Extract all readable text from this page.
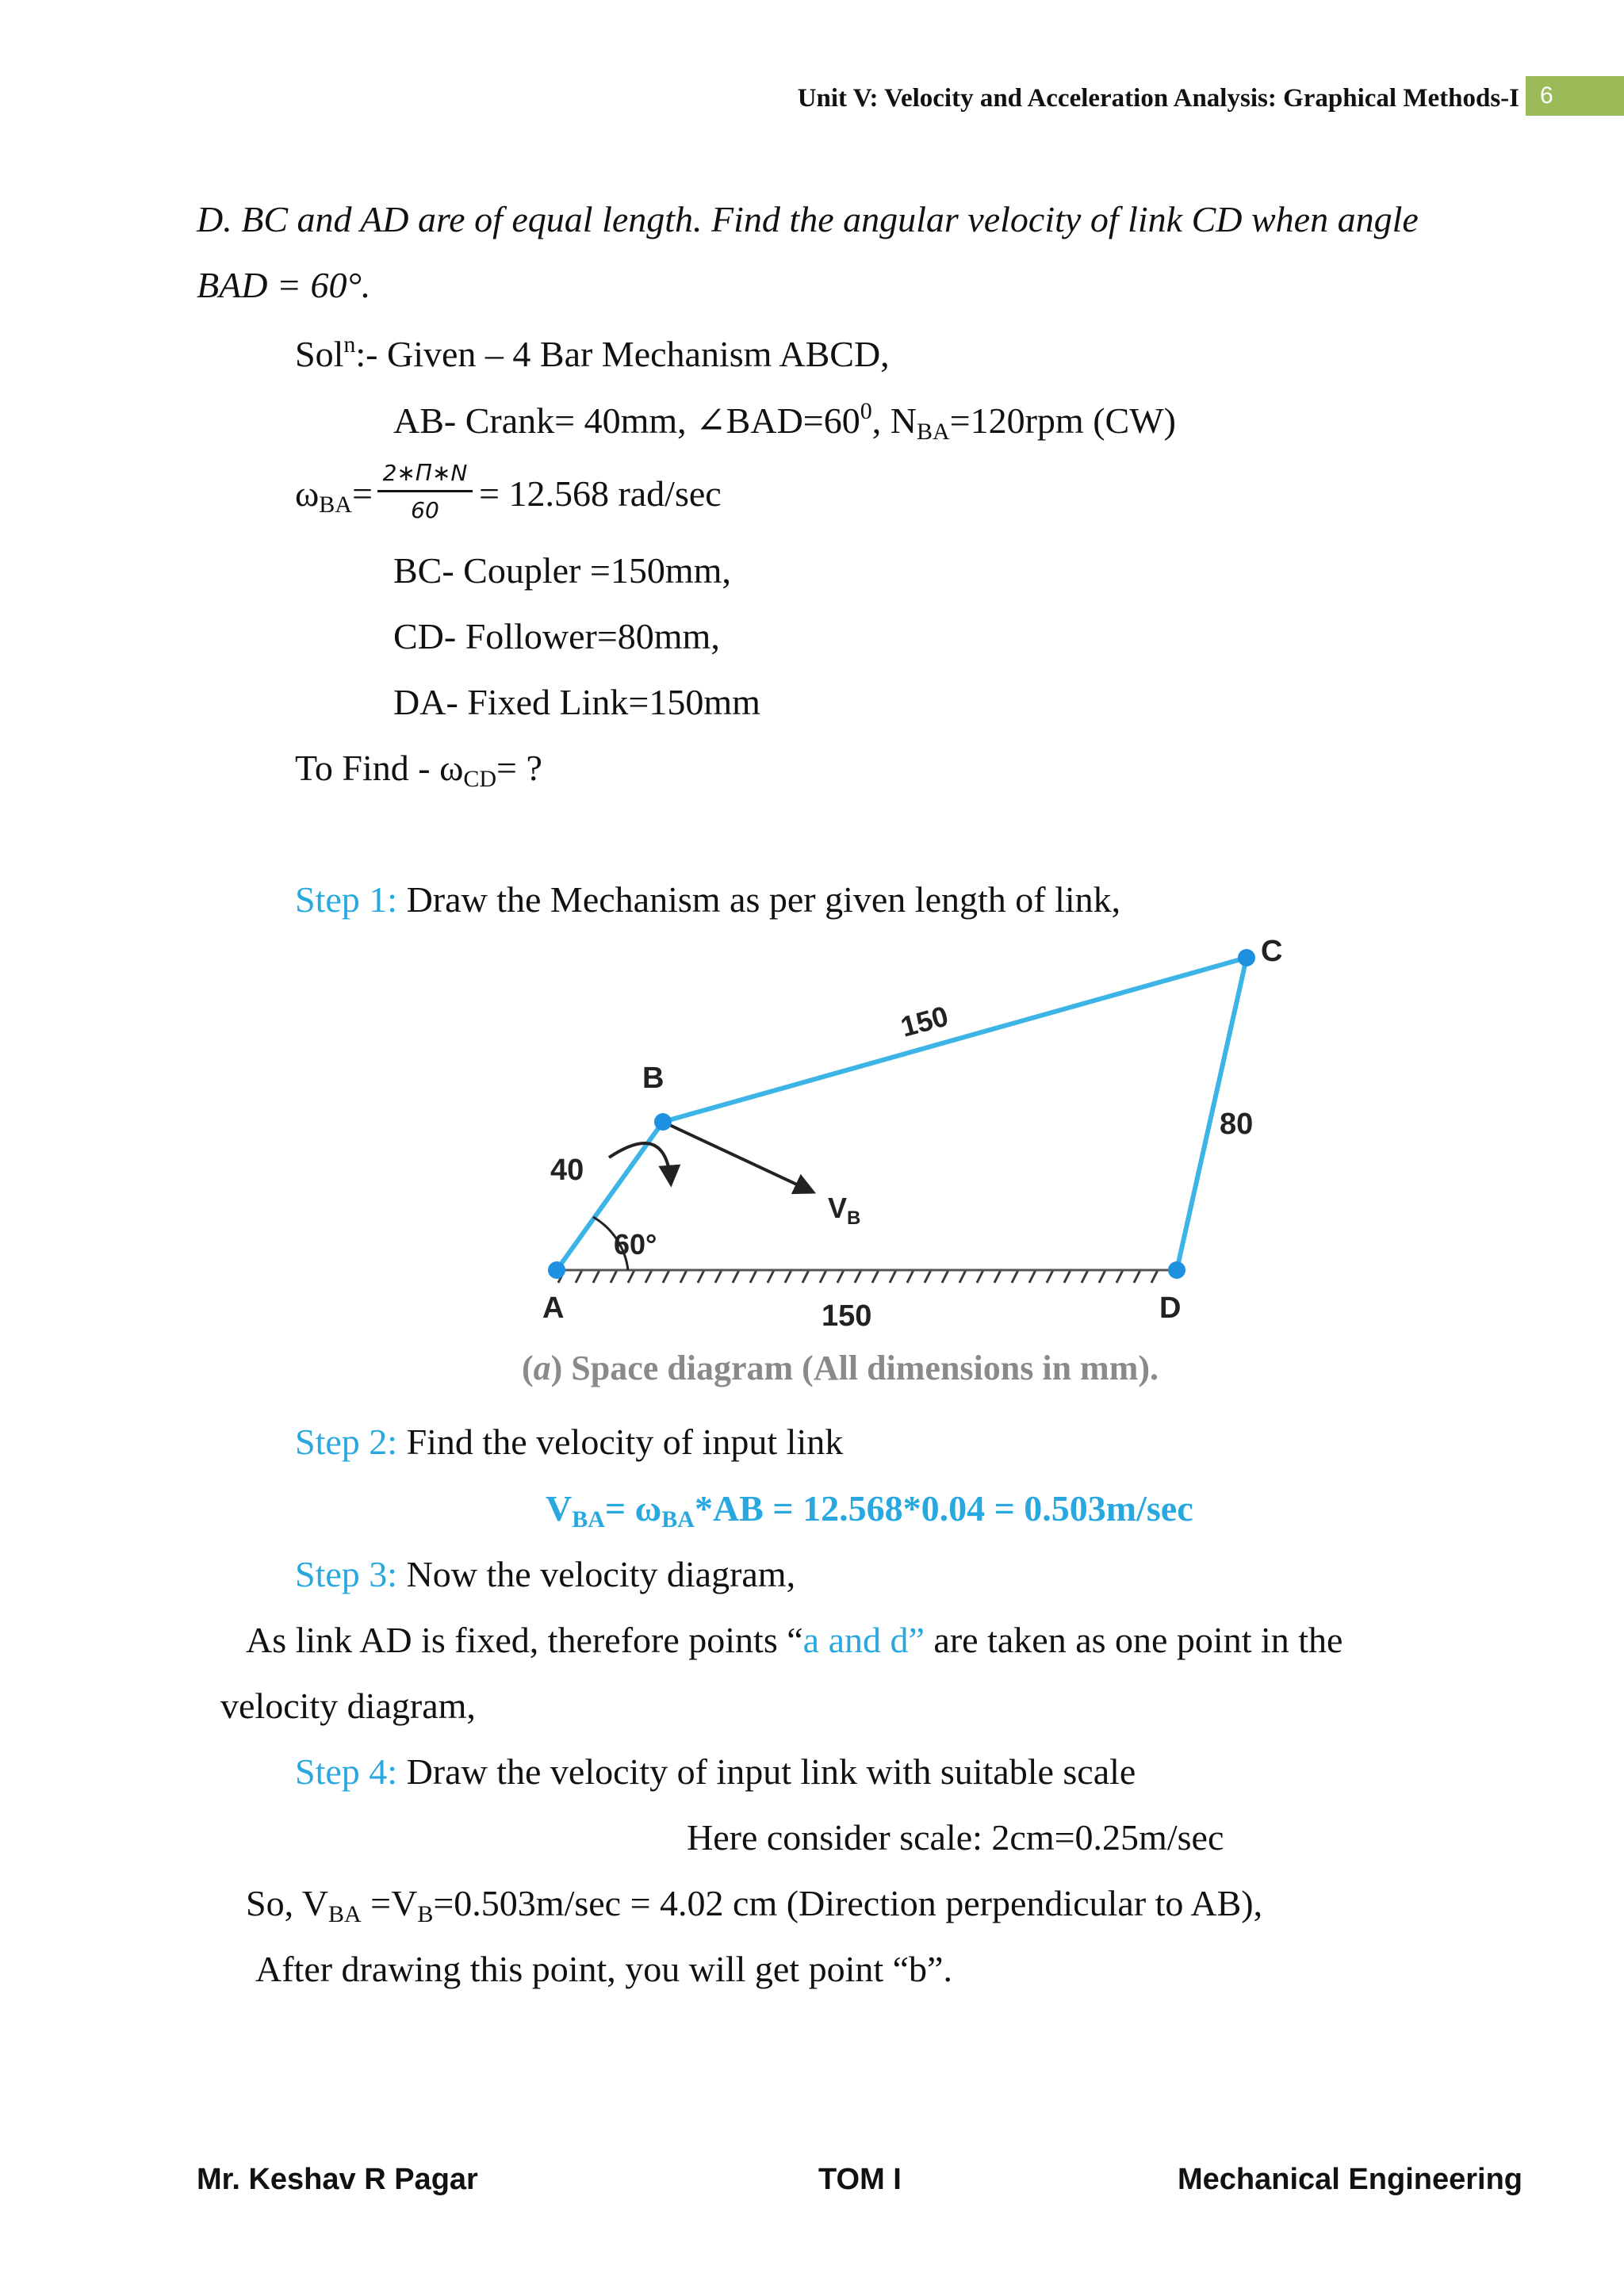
Unit V: Velocity and Acceleration Analysis: Graphical Methods-I 6
D. BC and AD are of equal length. Find the angular velocity of link CD when angle
BAD = 60°.
Sol$^n$:- Given – 4 Bar Mechanism ABCD,
AB- Crank= 40mm, $\angle BAD=60^0$, $N_{BA}=120rpm$ (CW)
$\omega_{BA}= \frac{2∗\Pi∗N}{60} = 12.568$ rad/sec
BC- Coupler =150mm,
CD- Follower=80mm,
DA- Fixed Link=150mm
To Find - $\omega_{CD}=$ ?
Step 1: Draw the Mechanism as per given length of link,
A
B
C
D
40
150
80
150
60°
$V_B$
(a) Space diagram (All dimensions in mm).
Step 2: Find the velocity of input link
$V_{BA}= \omega_{BA}*AB = 12.568*0.04 = 0.503m/\sec$
Step 3: Now the velocity diagram,
As link AD is fixed, therefore points “a and d” are taken as one point in the
velocity diagram,
Step 4: Draw the velocity of input link with suitable scale
Here consider scale: 2cm=0.25m/sec
So, $V_{BA} =V_B=0.503m/\sec = 4.02$ cm (Direction perpendicular to AB),
After drawing this point, you will get point “b”.
Mr. Keshav R Pagar	TOM I	Mechanical Engineering
